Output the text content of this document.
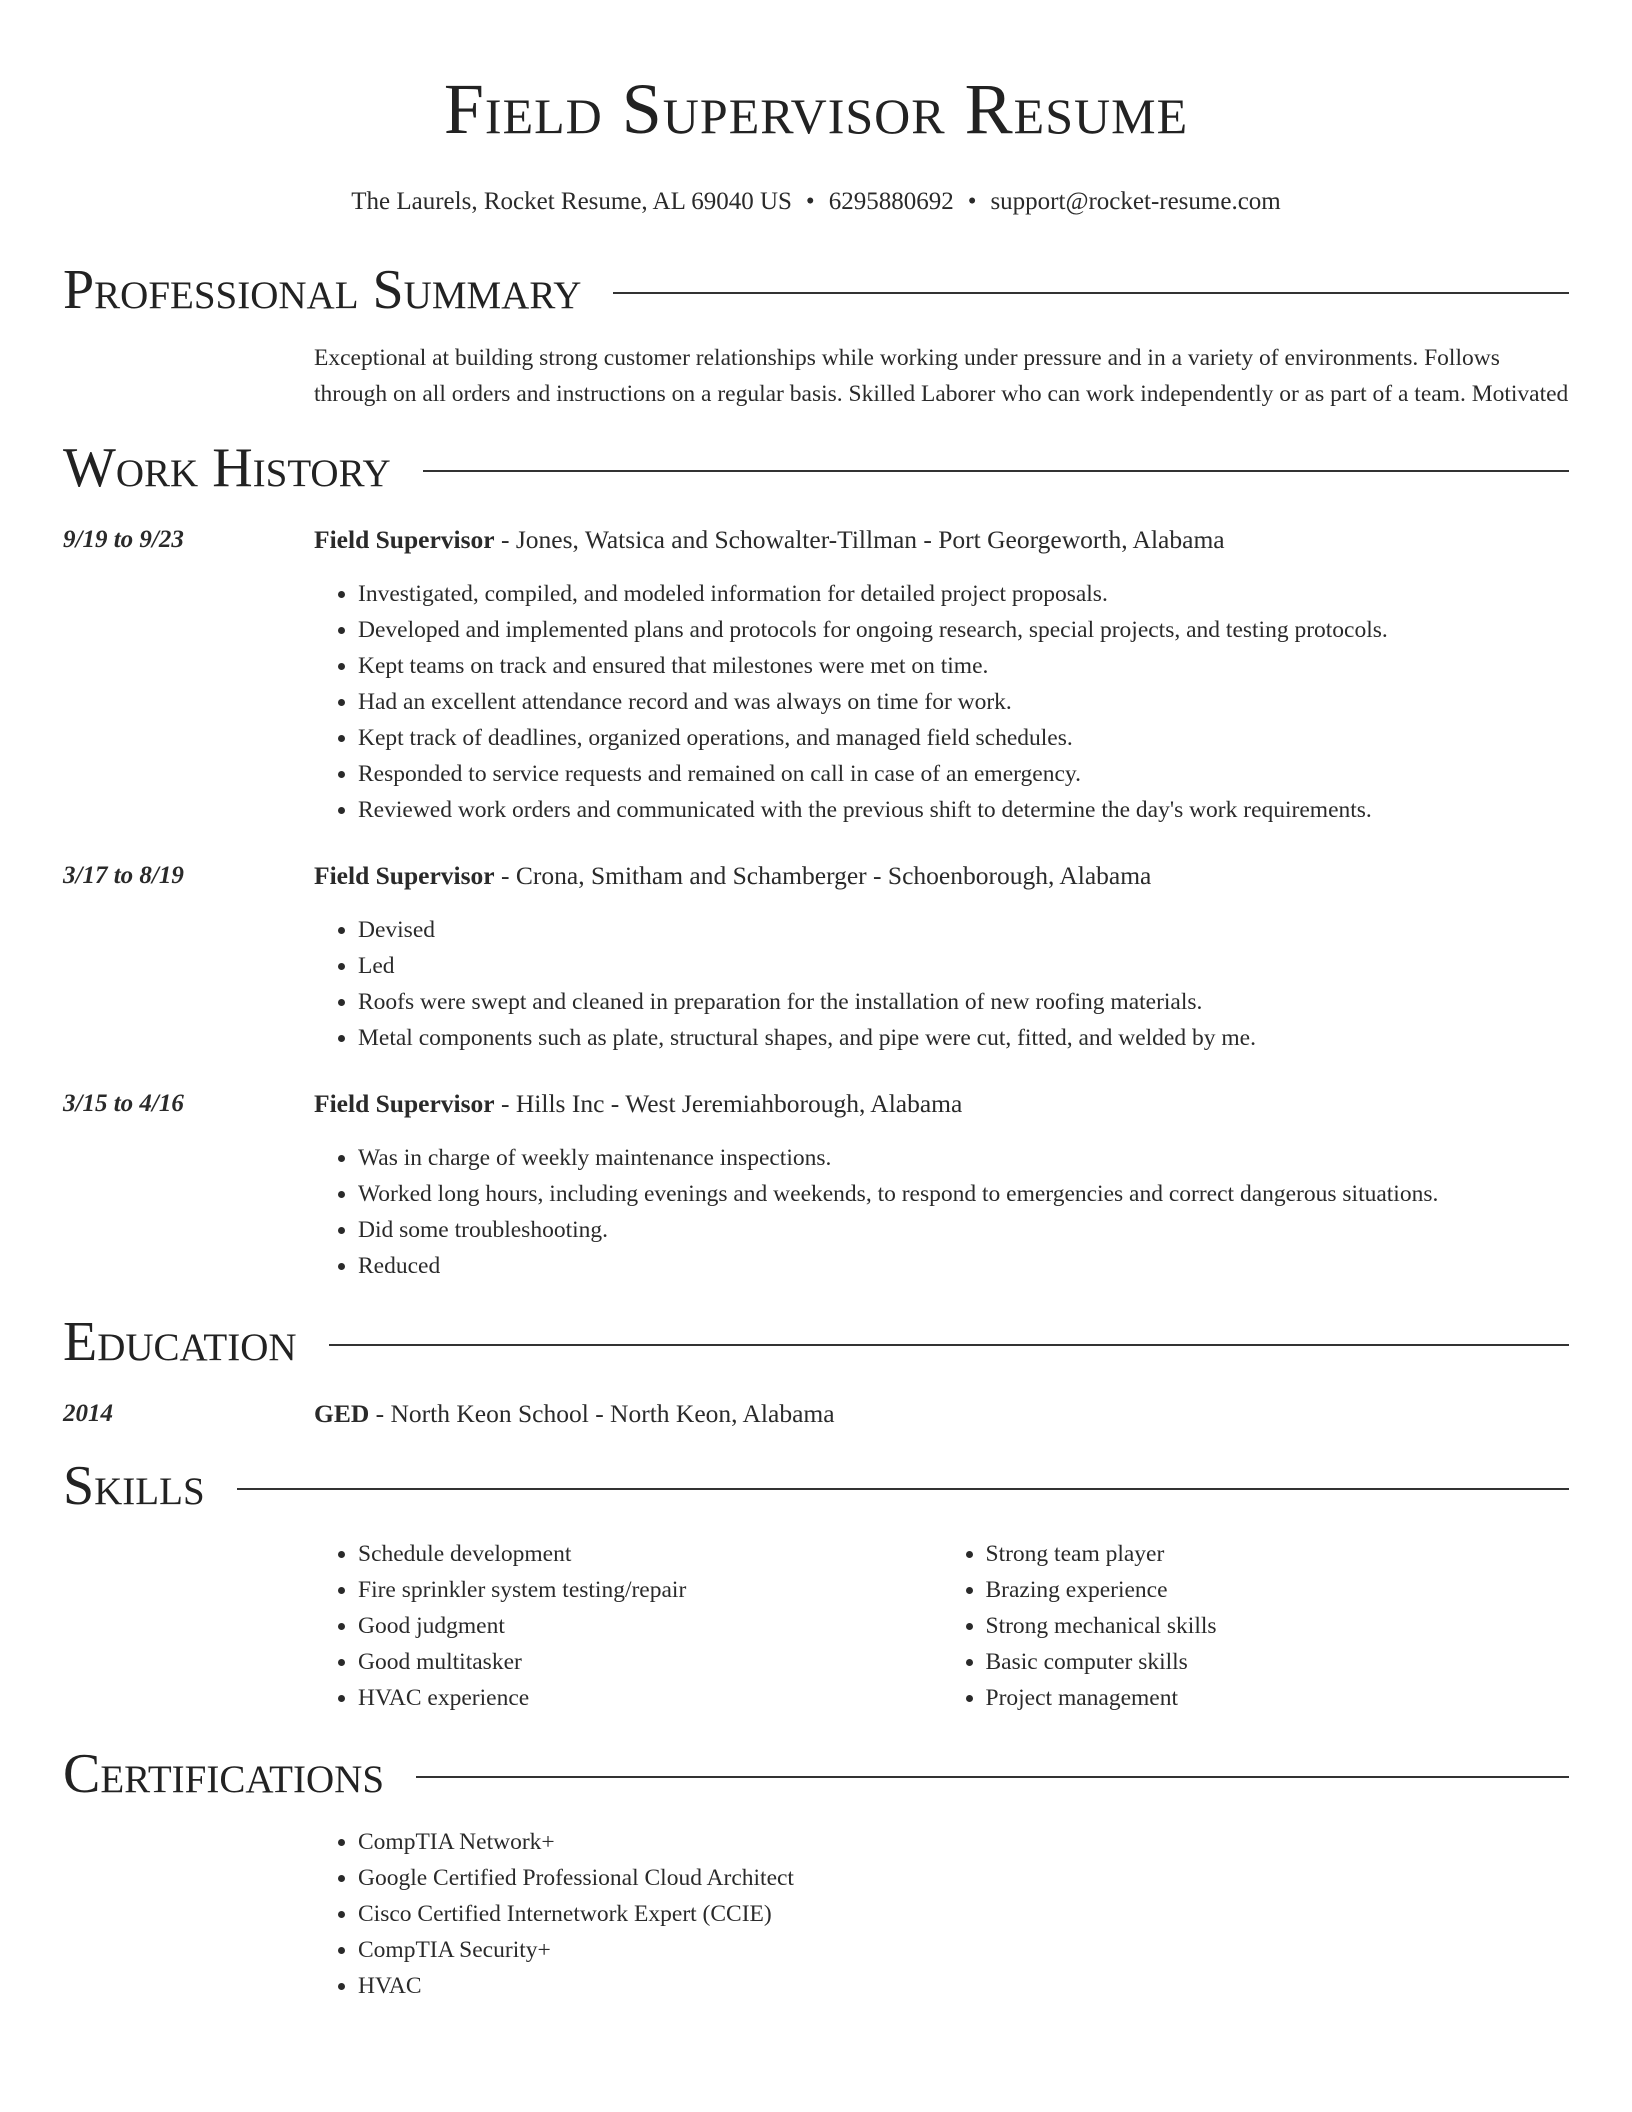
Field Supervisor Resume
The Laurels, Rocket Resume, AL 69040 US • 6295880692 • support@rocket-resume.com
Professional Summary
Exceptional at building strong customer relationships while working under pressure and in a variety of environments. Follows through on all orders and instructions on a regular basis. Skilled Laborer who can work independently or as part of a team. Motivated
Work History
9/19 to 9/23	Field Supervisor - Jones, Watsica and Schowalter-Tillman - Port Georgeworth, Alabama
• Investigated, compiled, and modeled information for detailed project proposals.
• Developed and implemented plans and protocols for ongoing research, special projects, and testing protocols.
• Kept teams on track and ensured that milestones were met on time.
• Had an excellent attendance record and was always on time for work.
• Kept track of deadlines, organized operations, and managed field schedules.
• Responded to service requests and remained on call in case of an emergency.
• Reviewed work orders and communicated with the previous shift to determine the day's work requirements.
3/17 to 8/19	Field Supervisor - Crona, Smitham and Schamberger - Schoenborough, Alabama
• Devised
• Led
• Roofs were swept and cleaned in preparation for the installation of new roofing materials.
• Metal components such as plate, structural shapes, and pipe were cut, fitted, and welded by me.
3/15 to 4/16	Field Supervisor - Hills Inc - West Jeremiahborough, Alabama
• Was in charge of weekly maintenance inspections.
• Worked long hours, including evenings and weekends, to respond to emergencies and correct dangerous situations.
• Did some troubleshooting.
• Reduced
Education
2014	GED - North Keon School - North Keon, Alabama
Skills
• Schedule development
• Fire sprinkler system testing/repair
• Good judgment
• Good multitasker
• HVAC experience
• Strong team player
• Brazing experience
• Strong mechanical skills
• Basic computer skills
• Project management
Certifications
• CompTIA Network+
• Google Certified Professional Cloud Architect
• Cisco Certified Internetwork Expert (CCIE)
• CompTIA Security+
• HVAC
